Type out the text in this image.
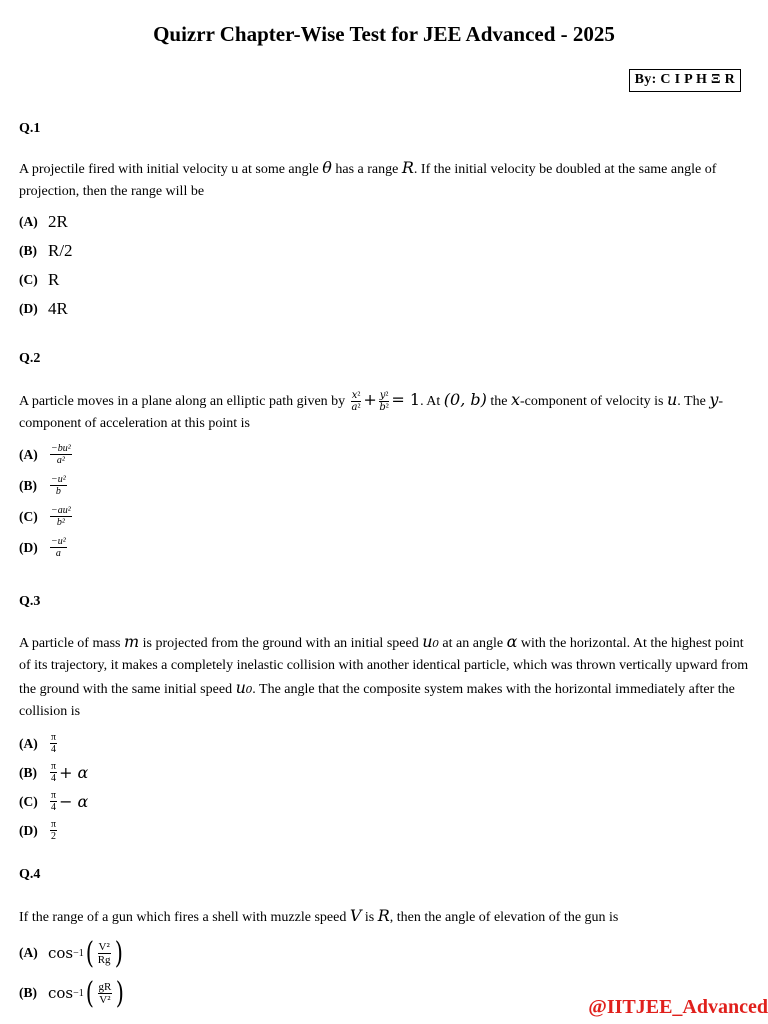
Quizrr Chapter-Wise Test for JEE Advanced - 2025
By: C I P H Ξ R
Q.1
A projectile fired with initial velocity u at some angle θ has a range R. If the initial velocity be doubled at the same angle of projection, then the range will be
(A) 2R
(B) R/2
(C) R
(D) 4R
Q.2
A particle moves in a plane along an elliptic path given by $\frac{\text{x²}}{\text{a²}} + \frac{\text{y²}}{\text{b²}} = 1$. At (0, b) the x-component of velocity is u. The y-component of acceleration at this point is
(A)	$\frac{\text{−bu²}}{\text{a²}}$
(B)	$\frac{\text{−u²}}{b}$
(C)	$\frac{\text{−au²}}{\text{b²}}$
(D)	$\frac{\text{−u²}}{a}$
Q.3
A particle of mass m is projected from the ground with an initial speed u₀ at an angle α with the horizontal. At the highest point of its trajectory, it makes a completely inelastic collision with another identical particle, which was thrown vertically upward from the ground with the same initial speed u₀. The angle that the composite system makes with the horizontal immediately after the collision is
(A)	$\frac{\pi}{4}$
(B)	$\frac{\pi}{4} + \alpha$
(C)	$\frac{\pi}{4} - \alpha$
(D)	$\frac{\pi}{2}$
Q.4
If the range of a gun which fires a shell with muzzle speed V is R, then the angle of elevation of the gun is
(A) cos −1 ( $\frac{\text{V²}}{Rg}$ )
(B) cos −1 ( $\frac{gR}{\text{V²}}$ )	@IITJEE_Advanced
